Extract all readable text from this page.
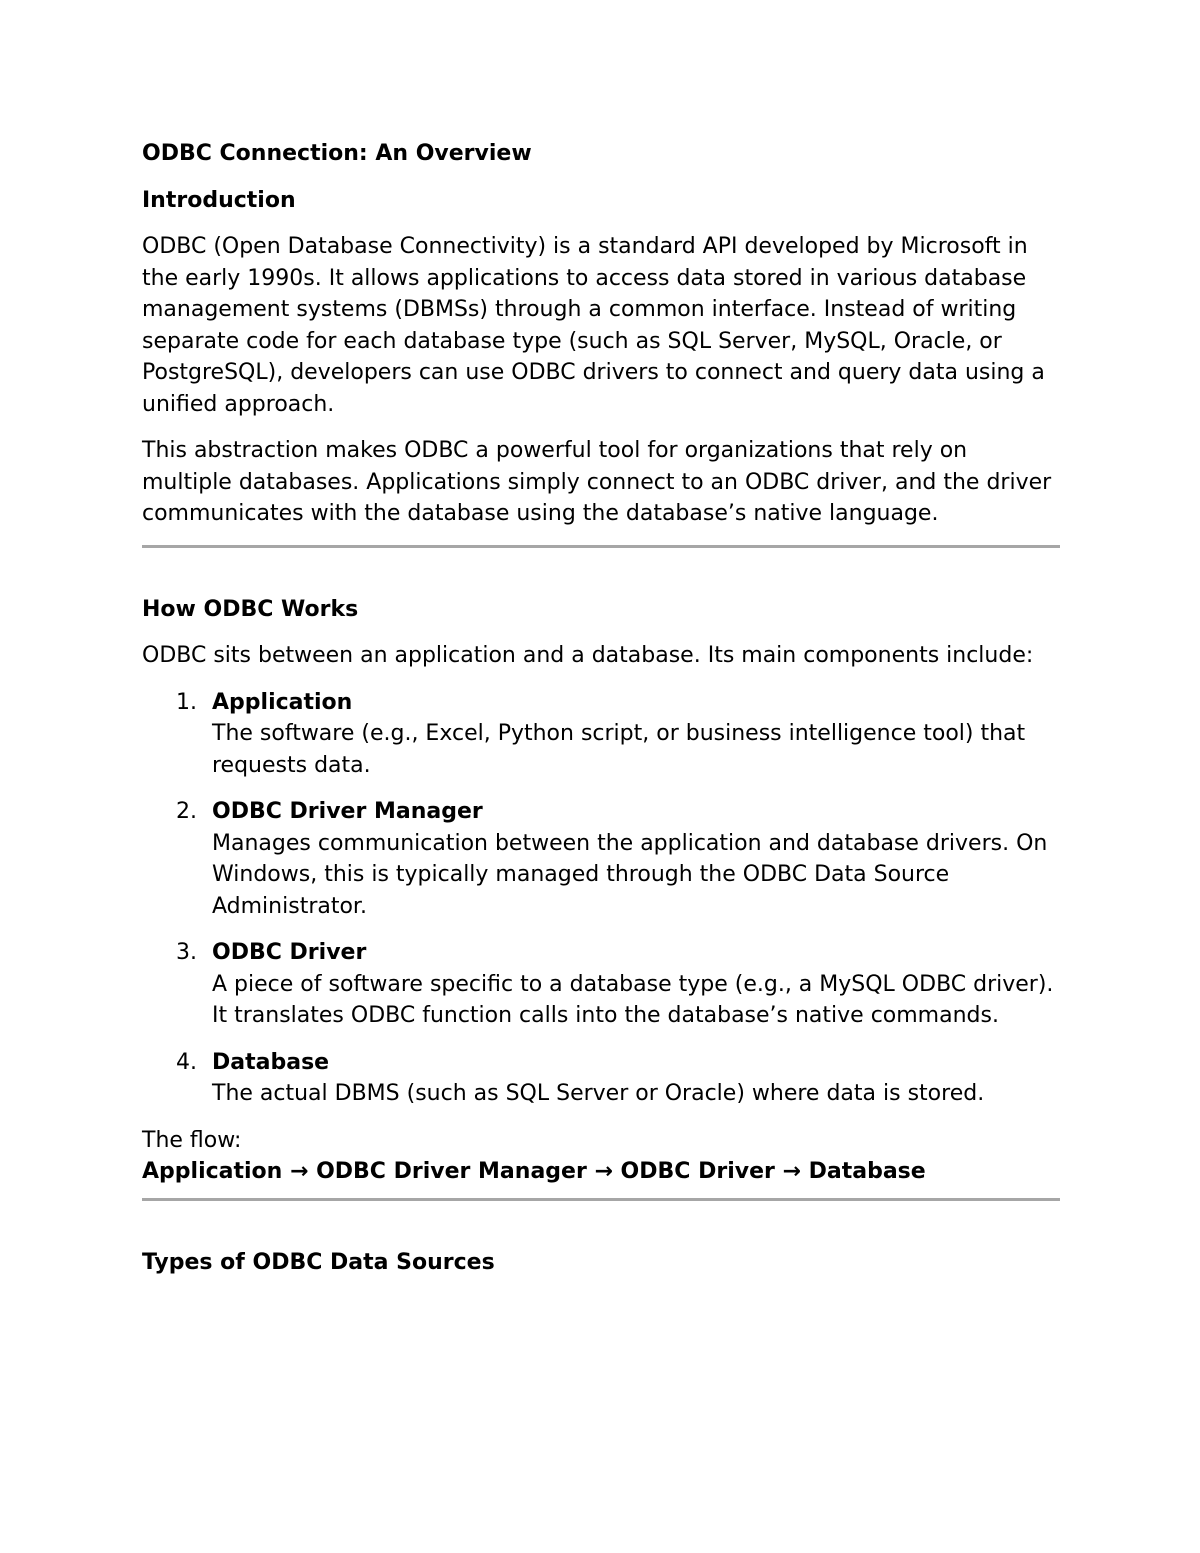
ODBC Connection: An Overview
Introduction

ODBC (Open Database Connectivity) is a standard API developed by Microsoft in the early 1990s. It allows applications to access data stored in various database management systems (DBMSs) through a common interface. Instead of writing separate code for each database type (such as SQL Server, MySQL, Oracle, or PostgreSQL), developers can use ODBC drivers to connect and query data using a unified approach.

This abstraction makes ODBC a powerful tool for organizations that rely on multiple databases. Applications simply connect to an ODBC driver, and the driver communicates with the database using the database’s native language.

How ODBC Works

ODBC sits between an application and a database. Its main components include:

1. Application
The software (e.g., Excel, Python script, or business intelligence tool) that requests data.
2. ODBC Driver Manager
Manages communication between the application and database drivers. On Windows, this is typically managed through the ODBC Data Source Administrator.
3. ODBC Driver
A piece of software specific to a database type (e.g., a MySQL ODBC driver). It translates ODBC function calls into the database’s native commands.
4. Database
The actual DBMS (such as SQL Server or Oracle) where data is stored.

The flow:
Application → ODBC Driver Manager → ODBC Driver → Database

Types of ODBC Data Sources
